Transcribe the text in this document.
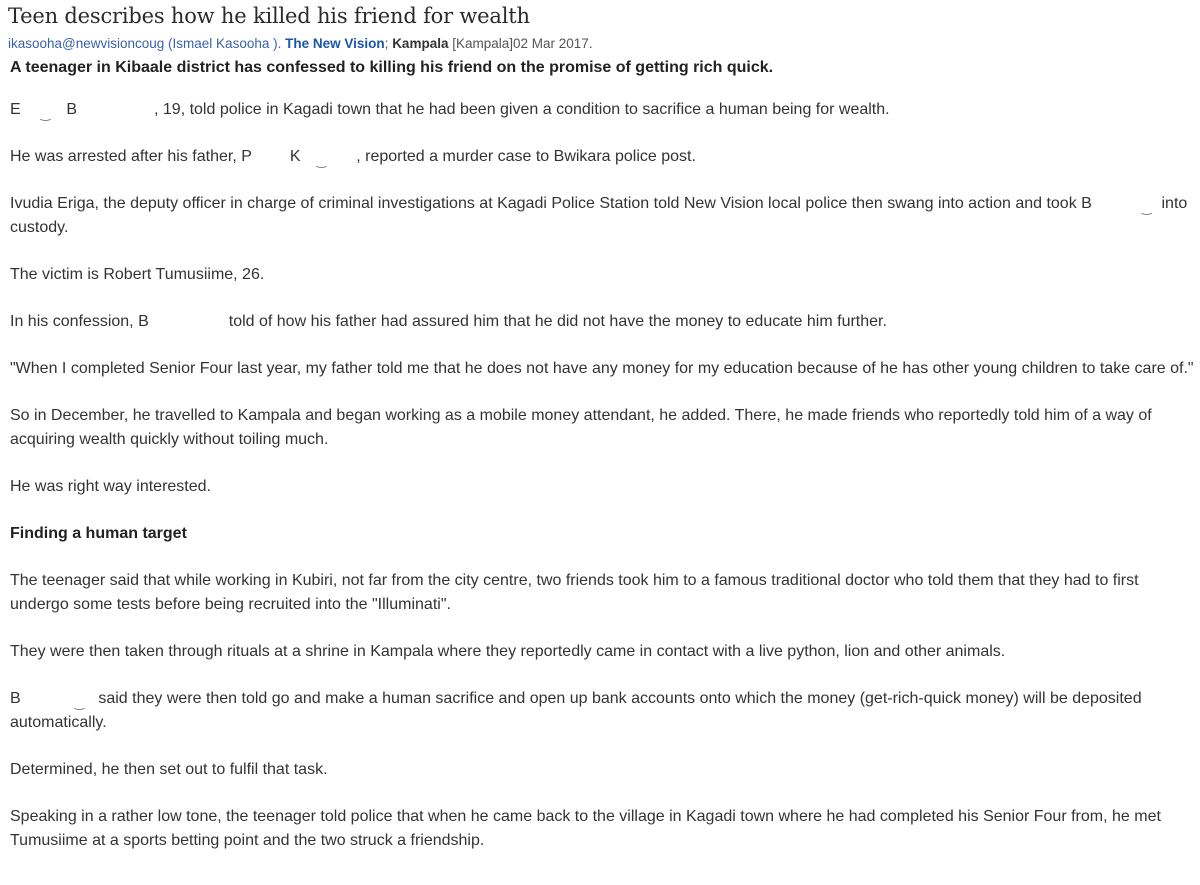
Teen describes how he killed his friend for wealth
ikasooha@newvisioncoug (Ismael Kasooha ). The New Vision; Kampala [Kampala]02 Mar 2017.

A teenager in Kibaale district has confessed to killing his friend on the promise of getting rich quick.

E ‿ B	, 19, told police in Kagadi town that he had been given a condition to sacrifice a human being for wealth.

He was arrested after his father, P K ‿ , reported a murder case to Bwikara police post.

Ivudia Eriga, the deputy officer in charge of criminal investigations at Kagadi Police Station told New Vision local police then swang into action and took B	‿ into custody.

The victim is Robert Tumusiime, 26.

In his confession, B	told of how his father had assured him that he did not have the money to educate him further.

"When I completed Senior Four last year, my father told me that he does not have any money for my education because of he has other young children to take care of."

So in December, he travelled to Kampala and began working as a mobile money attendant, he added. There, he made friends who reportedly told him of a way of acquiring wealth quickly without toiling much.

He was right way interested.

Finding a human target

The teenager said that while working in Kubiri, not far from the city centre, two friends took him to a famous traditional doctor who told them that they had to first undergo some tests before being recruited into the "Illuminati".

They were then taken through rituals at a shrine in Kampala where they reportedly came in contact with a live python, lion and other animals.

B	‿ said they were then told go and make a human sacrifice and open up bank accounts onto which the money (get-rich-quick money) will be deposited automatically.

Determined, he then set out to fulfil that task.

Speaking in a rather low tone, the teenager told police that when he came back to the village in Kagadi town where he had completed his Senior Four from, he met Tumusiime at a sports betting point and the two struck a friendship.
